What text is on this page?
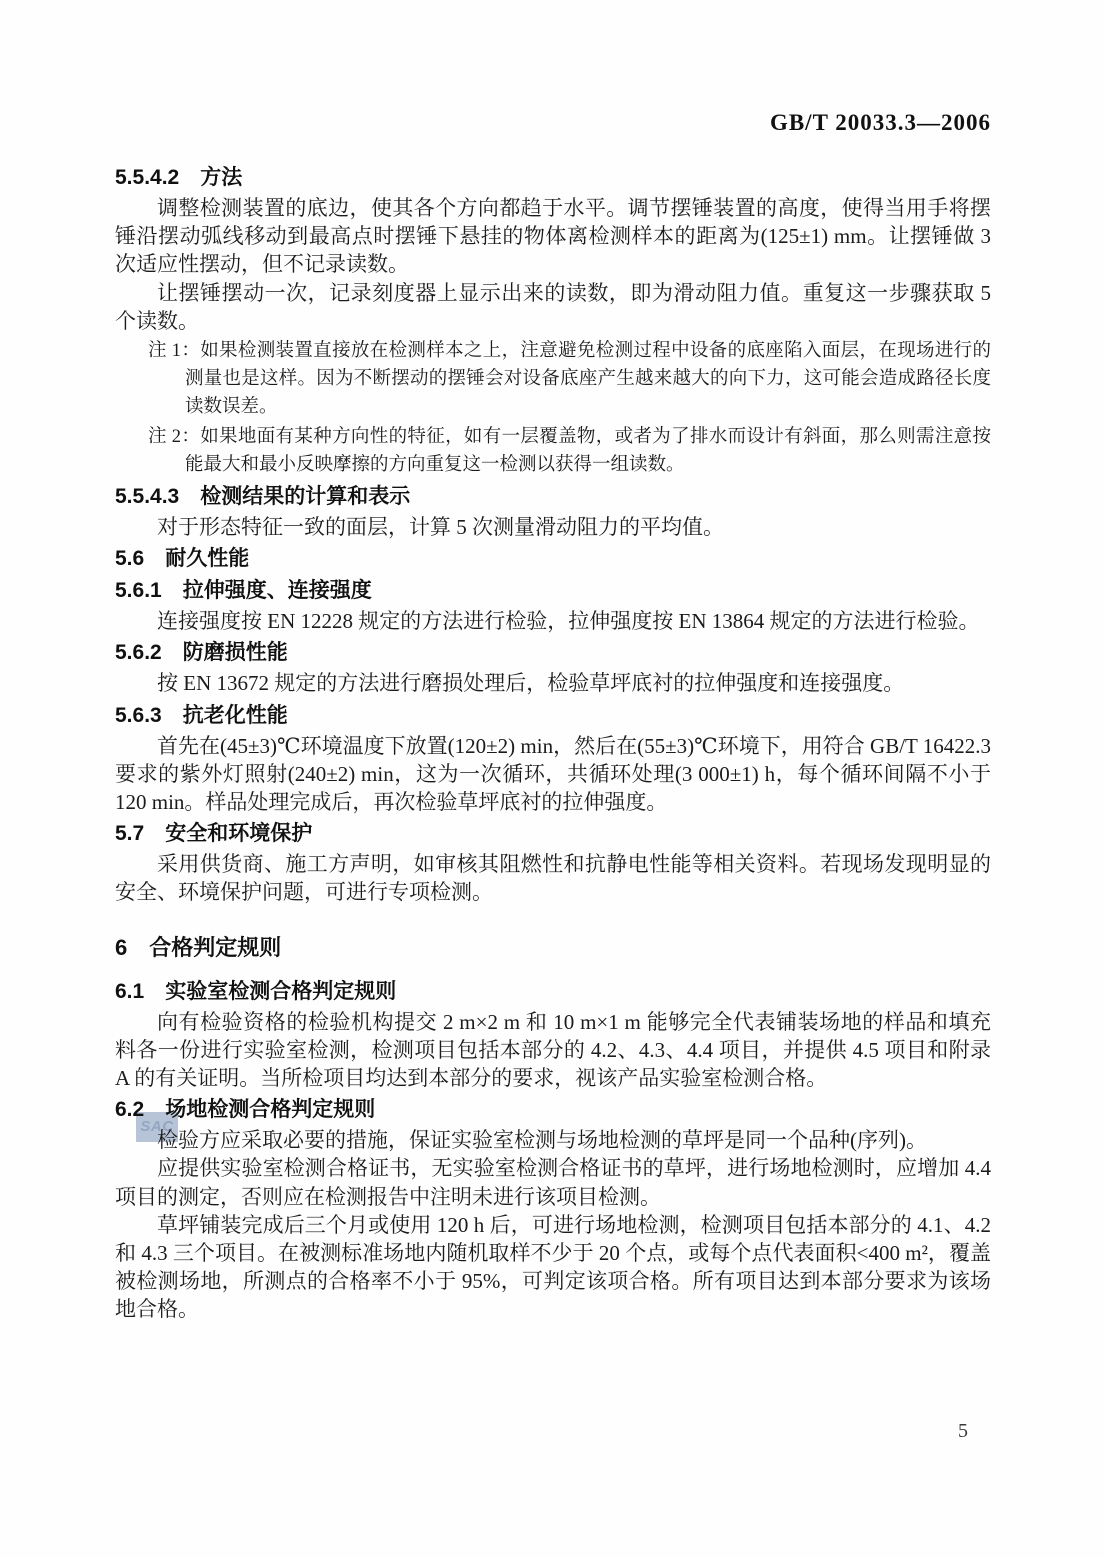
GB/T 20033.3—2006
5.5.4.2　方法

调整检测装置的底边，使其各个方向都趋于水平。调节摆锤装置的高度，使得当用手将摆锤沿摆动弧线移动到最高点时摆锤下悬挂的物体离检测样本的距离为(125±1) mm。让摆锤做 3 次适应性摆动，但不记录读数。

让摆锤摆动一次，记录刻度器上显示出来的读数，即为滑动阻力值。重复这一步骤获取 5 个读数。

注 1：如果检测装置直接放在检测样本之上，注意避免检测过程中设备的底座陷入面层，在现场进行的测量也是这样。因为不断摆动的摆锤会对设备底座产生越来越大的向下力，这可能会造成路径长度读数误差。

注 2：如果地面有某种方向性的特征，如有一层覆盖物，或者为了排水而设计有斜面，那么则需注意按能最大和最小反映摩擦的方向重复这一检测以获得一组读数。

5.5.4.3　检测结果的计算和表示

对于形态特征一致的面层，计算 5 次测量滑动阻力的平均值。

5.6　耐久性能
5.6.1　拉伸强度、连接强度

连接强度按 EN 12228 规定的方法进行检验，拉伸强度按 EN 13864 规定的方法进行检验。

5.6.2　防磨损性能

按 EN 13672 规定的方法进行磨损处理后，检验草坪底衬的拉伸强度和连接强度。

5.6.3　抗老化性能

首先在(45±3)℃环境温度下放置(120±2) min，然后在(55±3)℃环境下，用符合 GB/T 16422.3 要求的紫外灯照射(240±2) min，这为一次循环，共循环处理(3 000±1) h，每个循环间隔不小于 120 min。样品处理完成后，再次检验草坪底衬的拉伸强度。

5.7　安全和环境保护

采用供货商、施工方声明，如审核其阻燃性和抗静电性能等相关资料。若现场发现明显的安全、环境保护问题，可进行专项检测。

6　合格判定规则
6.1　实验室检测合格判定规则

向有检验资格的检验机构提交 2 m×2 m 和 10 m×1 m 能够完全代表铺装场地的样品和填充料各一份进行实验室检测，检测项目包括本部分的 4.2、4.3、4.4 项目，并提供 4.5 项目和附录 A 的有关证明。当所检项目均达到本部分的要求，视该产品实验室检测合格。

6.2　场地检测合格判定规则
SAC

检验方应采取必要的措施，保证实验室检测与场地检测的草坪是同一个品种(序列)。

应提供实验室检测合格证书，无实验室检测合格证书的草坪，进行场地检测时，应增加 4.4 项目的测定，否则应在检测报告中注明未进行该项目检测。

草坪铺装完成后三个月或使用 120 h 后，可进行场地检测，检测项目包括本部分的 4.1、4.2 和 4.3 三个项目。在被测标准场地内随机取样不少于 20 个点，或每个点代表面积<400 m²，覆盖被检测场地，所测点的合格率不小于 95%，可判定该项合格。所有项目达到本部分要求为该场地合格。

5
